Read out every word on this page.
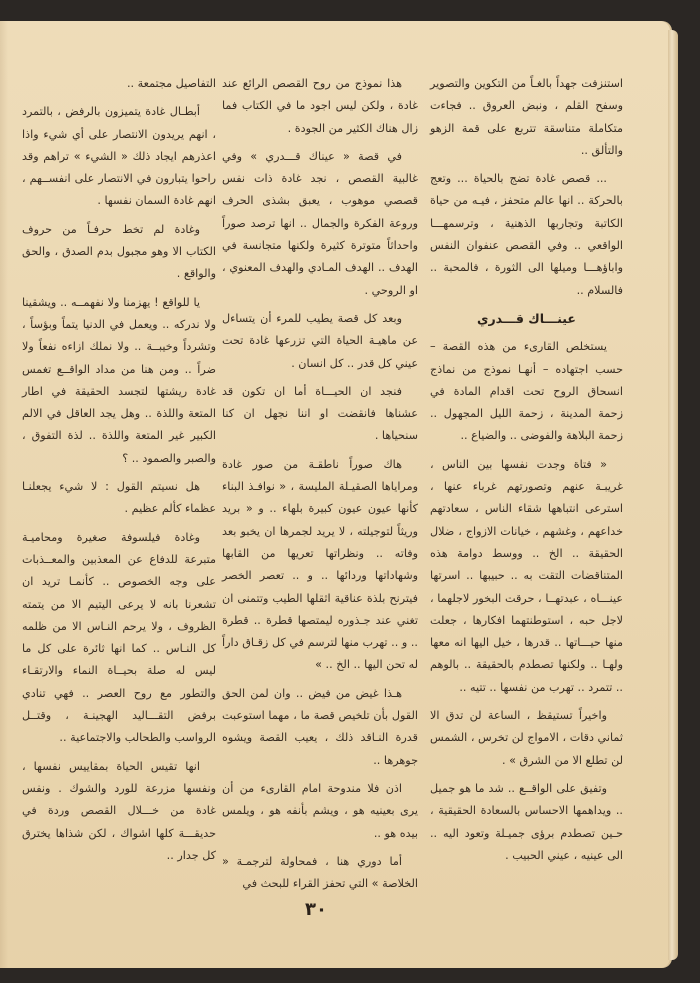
استنزفت جهداً بالغـاً من التكوين والتصوير وسفح القلم ، ونبض العروق .. فجاءت متكاملة متناسقة تتربع على قمة الزهو والتألق ..

... قصص غادة تضج بالحياة ... وتعج بالحركة .. انها عالم متحفز ، فيـه من حياة الكاتبة وتجاربها الذهنية ، وترسمهـــا الواقعي .. وفي القصص عنفوان النفس واباؤهـــا وميلها الى الثورة ، فالمحبة .. فالسلام ..

عينـــاك قـــدري

يستخلص القارىء من هذه القصة – حسب اجتهاده – أنهـا نموذج من نماذج انسحاق الروح تحت اقدام المادة في زحمة المدينة ، زحمة الليل المجهول .. زحمة البلاهة والفوضى .. والضياع ..

« فتاة وجدت نفسها بين الناس ، غريبـة عنهم وتصورتهم غرباء عنها ، استرعى انتباهها شقاء الناس ، سعادتهم خداعهم ، وغشهم ، خيانات الازواج ، ضلال الحقيقة .. الخ .. ووسط دوامة هذه المتناقضات التقت به .. حبيبها .. اسرتها عينـــاه ، عبدتهــا ، حرقت البخور لاجلهما ، لاجل حبه ، استوطنتهما افكارها ، جعلت منها حيـــاتها .. قدرها ، خيل اليها انه معها ولهـا .. ولكنها تصطدم بالحقيقة .. بالوهم .. تتمرد .. تهرب من نفسها .. تتيه ..

واخيراً تستيقظ ، الساعة لن تدق الا ثماني دقات ، الامواج لن تخرس ، الشمس لن تطلع الا من الشرق » .

وتفيق على الواقــع .. شد ما هو جميل .. ويداهمها الاحساس بالسعادة الحقيقية ، حـين تصطدم برؤى جميـلة وتعود اليه .. الى عينيه ، عيني الحبيب .

هذا نموذج من روح القصص الرائع عند غادة ، ولكن ليس اجود ما في الكتاب فما زال هناك الكثير من الجودة .

في قصة « عيناك قـــدري » وفي غالبية القصص ، نجد غادة ذات نفس قصصي موهوب ، يعبق بشذى الحرف وروعة الفكرة والجمال .. انها ترصد صوراً واحداثاً متوترة كثيرة ولكنها متجانسة في الهدف .. الهدف المـادي والهدف المعنوي ، او الروحي .

وبعد كل قصة يطيب للمرء أن يتساءل عن ماهيـة الحياة التي تزرعها غادة تحت عيني كل قدر .. كل انسان .

فنجد ان الحيـــاة أما ان تكون قد عشناها فانقضت او اننا نجهل ان كنا سنحياها .

هاك صوراً ناطقـة من صور غادة ومراياها الصقيـلة المليسة ، « نوافـذ البناء كأنها عيون عيون كبيرة بلهاء .. و « بريد وريثاً لتوجيلته ، لا يريد لجمرها ان يخبو بعد وفاته .. ونظراتها تعريها من القابها وشهاداتها وردائها .. و .. تعصر الخصر فيترنح بلذة عناقية اثقلها الطيب وتتمنى ان تغني عند جـذوره ليمتصها قطرة .. قطرة .. و .. تهرب منها لترسم في كل زقـاق داراً له تحن اليها .. الخ .. »

هـذا غيض من فيض .. وان لمن الحق القول بأن تلخيص قصة ما ، مهما استوعبت قدرة النـاقد ذلك ، يعيب القصة ويشوه جوهرها ..

اذن فلا مندوحة امام القارىء من أن يرى بعينيه هو ، ويشم بأنفه هو ، ويلمس بيده هو ..

أما دوري هنا ، فمحاولة لترجمـة « الخلاصة » التي تحفز القراء للبحث في

التفاصيل مجتمعة ..

أبطـال غادة يتميزون بالرفض ، بالتمرد ، انهم يريدون الانتصار على أي شيء واذا اعذرهم ايجاد ذلك « الشيء » تراهم وقد راحوا يتبارون في الانتصار على انفســهم ، انهم غادة السمان نفسها .

وغادة لم تخط حرفـاً من حروف الكتاب الا وهو مجبول بدم الصدق ، والحق والواقع .

يا للواقع ! يهزمنا ولا نفهمــه .. ويشقينا ولا ندركه .. ويعمل في الدنيا يتماً وبؤساً ، وتشرداً وخيبــة .. ولا نملك ازاءه نفعاً ولا ضراً .. ومن هنا من مداد الواقــع تغمس غادة ريشتها لتجسد الحقيقة في اطار المتعة واللذة .. وهل يجد العاقل في الالم الكبير غير المتعة واللذة .. لذة التفوق ، والصبر والصمود .. ؟

هل نسيتم القول : لا شيء يجعلنـا عظماء كألم عظيم .

وغادة فيلسوفة صغيرة ومحاميـة متبرعة للدفاع عن المعذبين والمعــذبات على وجه الخصوص .. كأنمـا تريد ان تشعرنا بانه لا يرعى اليتيم الا من يتمته الظروف ، ولا يرحم النـاس الا من ظلمه كل النـاس .. كما انها ثائرة على كل ما ليس له صلة بحيــاة النماء والارتقـاء والتطور مع روح العصر .. فهي تنادي برفض التقـــاليد الهجينـة ، وقتــل الرواسب والطحالب والاجتماعية ..

انها تقيس الحياة بمقاييس نفسها ، ونفسها مزرعة للورد والشوك . ونفس غادة من خـــلال القصص وردة في حديقـــة كلها اشواك ، لكن شذاها يخترق كل جدار ..

٣٠
